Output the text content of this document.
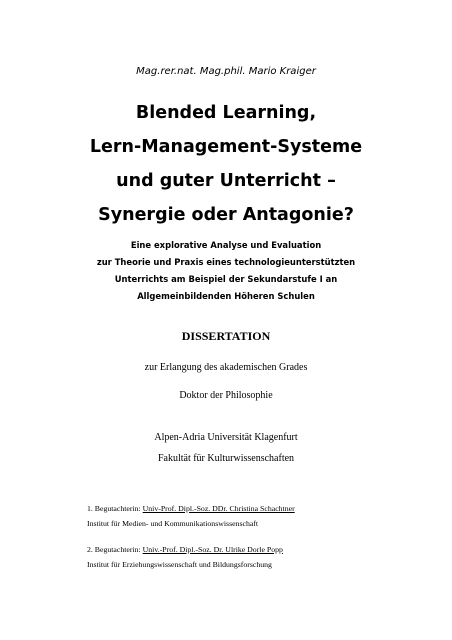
Mag.rer.nat. Mag.phil. Mario Kraiger
Blended Learning,
Lern-Management-Systeme
und guter Unterricht –
Synergie oder Antagonie?
Eine explorative Analyse und Evaluation
zur Theorie und Praxis eines technologieunterstützten
Unterrichts am Beispiel der Sekundarstufe I an
Allgemeinbildenden Höheren Schulen
DISSERTATION
zur Erlangung des akademischen Grades
Doktor der Philosophie
Alpen-Adria Universität Klagenfurt
Fakultät für Kulturwissenschaften
1. Begutachterin: Univ-Prof. Dipl.-Soz. DDr. Christina Schachtner
Institut für Medien- und Kommunikationswissenschaft
2. Begutachterin: Univ.-Prof. Dipl.-Soz. Dr. Ulrike Dorle Popp
Institut für Erziehungswissenschaft und Bildungsforschung
